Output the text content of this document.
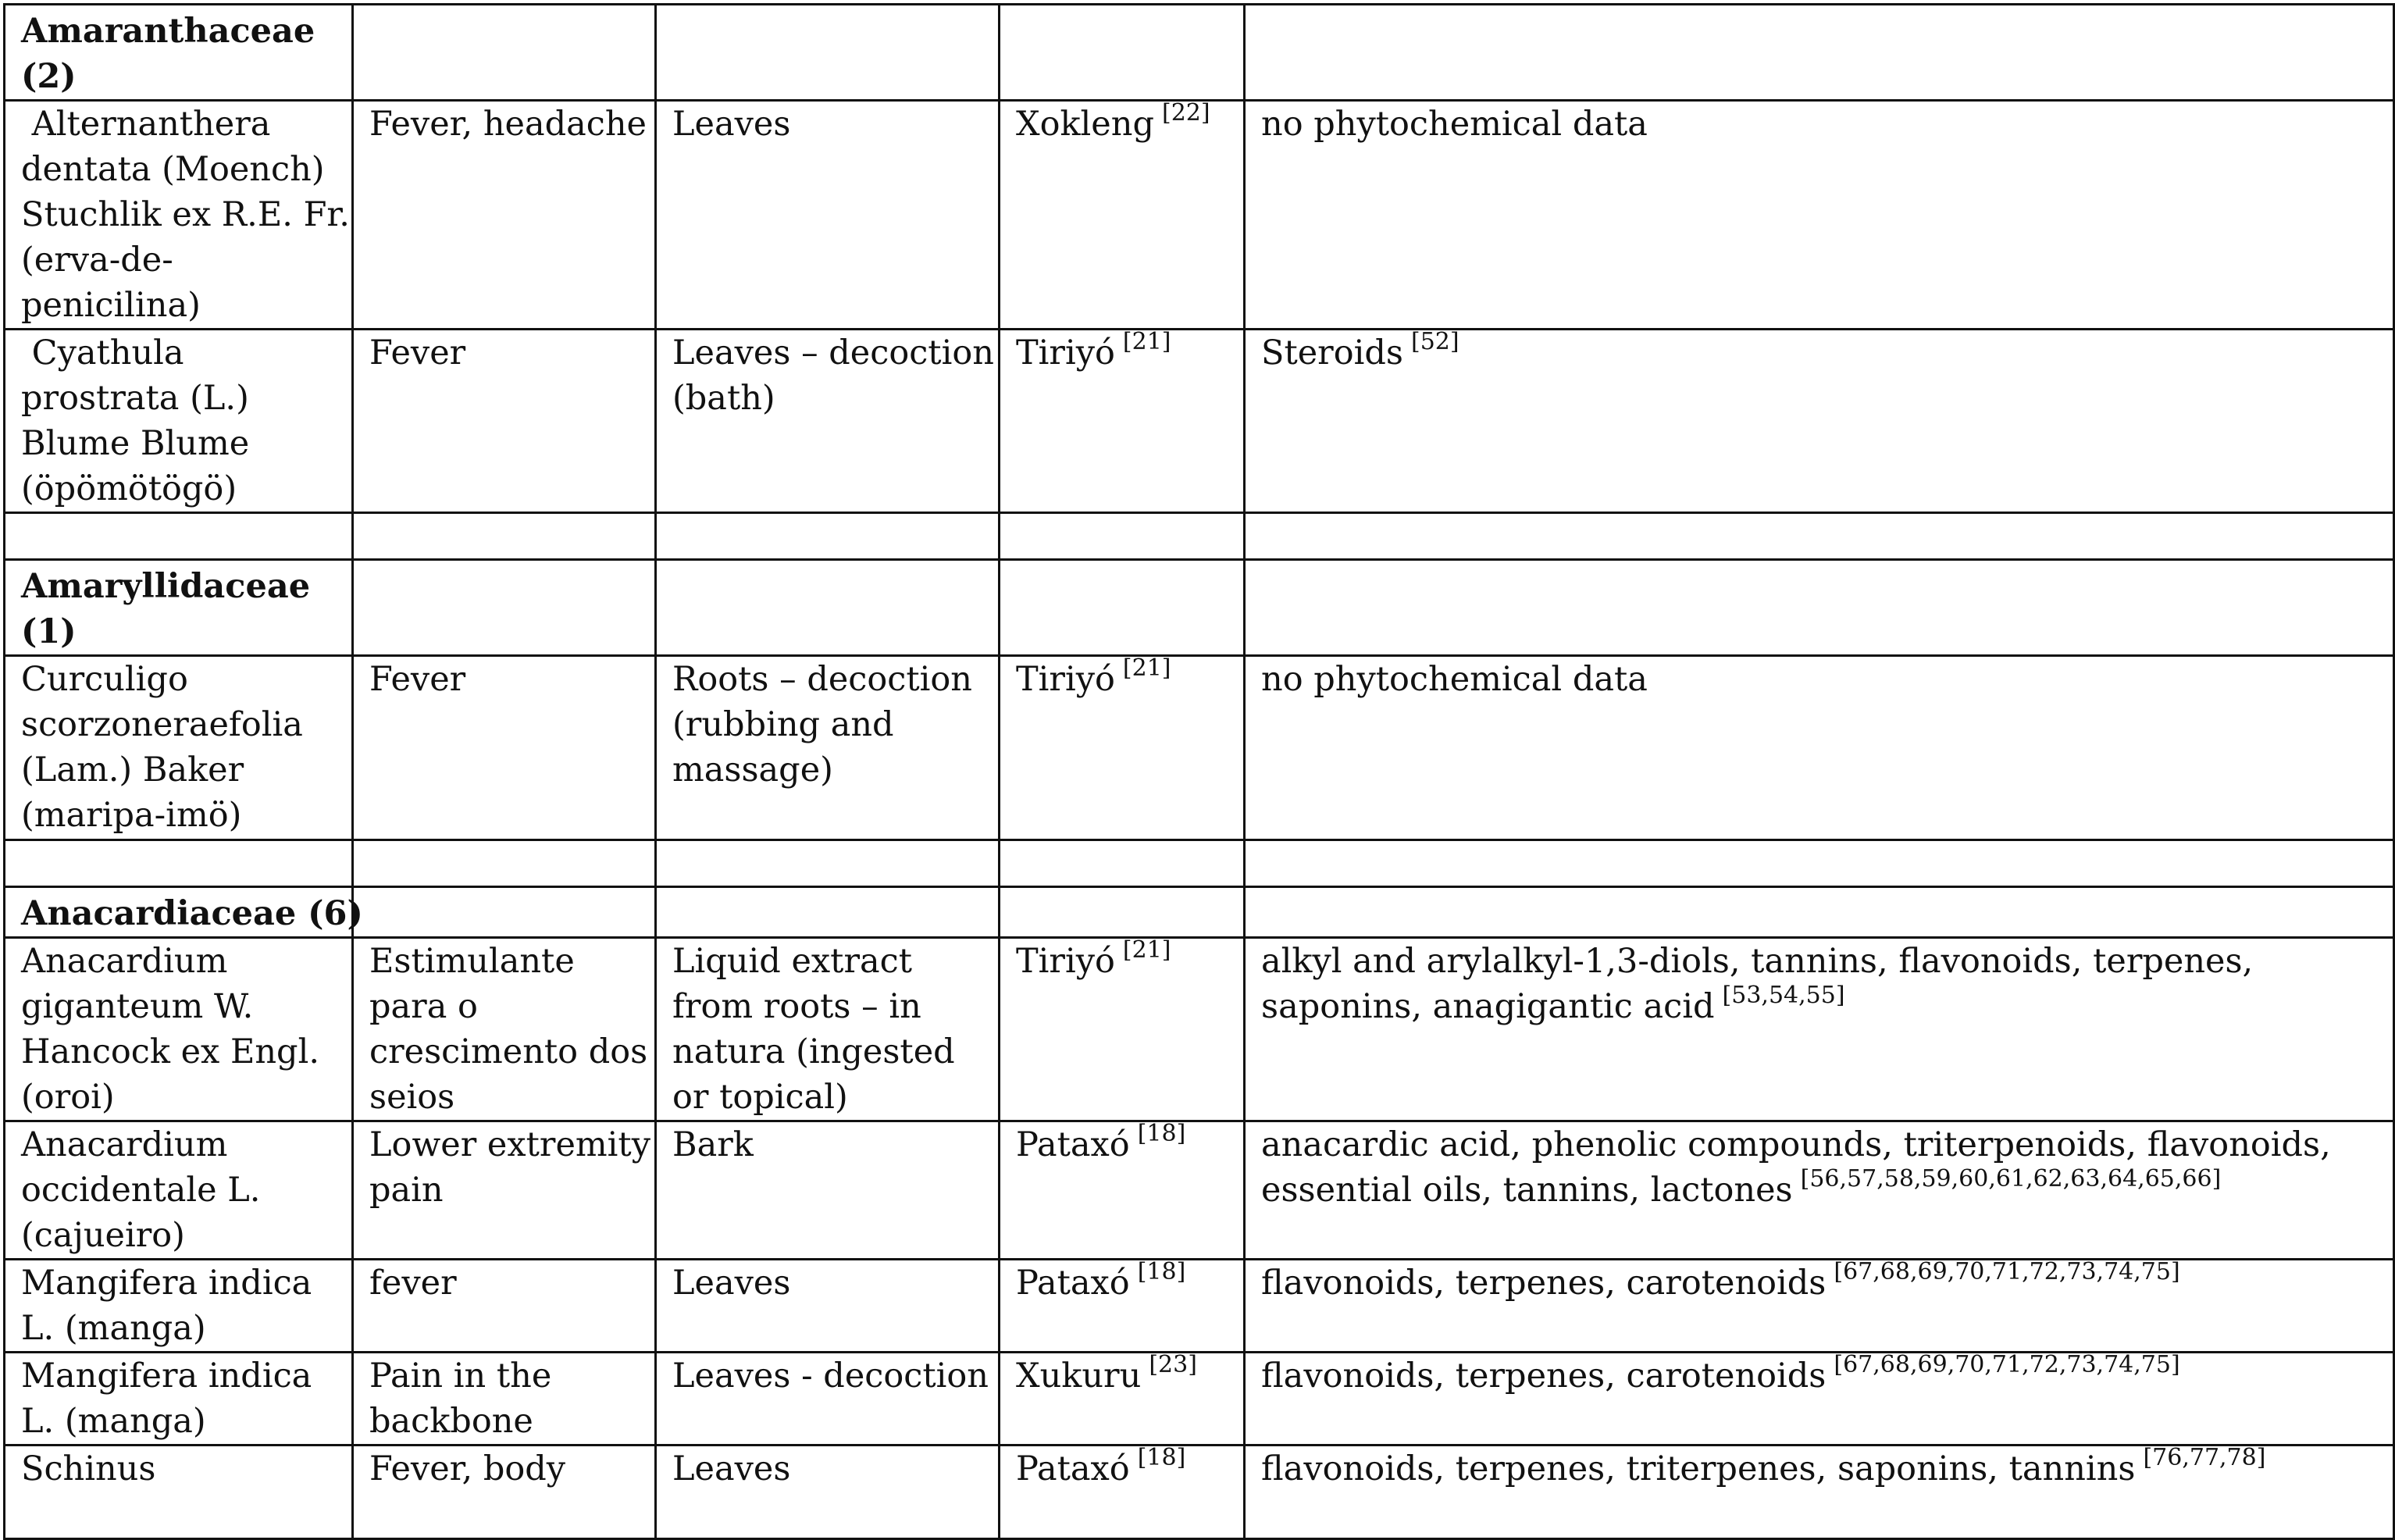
Amaranthaceae (2)				
Alternanthera dentata (Moench) Stuchlik ex R.E. Fr. (erva-de-penicilina)	Fever, headache	Leaves	Xokleng [22]	no phytochemical data
Cyathula prostrata (L.) Blume Blume (öpömötögö)	Fever	Leaves – decoction (bath)	Tiriyó [21]	Steroids [52]

Amaryllidaceae (1)				
Curculigo scorzoneraefolia (Lam.) Baker (maripa-imö)	Fever	Roots – decoction (rubbing and massage)	Tiriyó [21]	no phytochemical data

Anacardiaceae (6)				
Anacardium giganteum W. Hancock ex Engl. (oroi)	Estimulante para o crescimento dos seios	Liquid extract from roots – in natura (ingested or topical)	Tiriyó [21]	alkyl and arylalkyl-1,3-diols, tannins, flavonoids, terpenes, saponins, anagigantic acid [53,54,55]
Anacardium occidentale L. (cajueiro)	Lower extremity pain	Bark	Pataxó [18]	anacardic acid, phenolic compounds, triterpenoids, flavonoids, essential oils, tannins, lactones [56,57,58,59,60,61,62,63,64,65,66]
Mangifera indica L. (manga)	fever	Leaves	Pataxó [18]	flavonoids, terpenes, carotenoids [67,68,69,70,71,72,73,74,75]
Mangifera indica L. (manga)	Pain in the backbone	Leaves - decoction	Xukuru [23]	flavonoids, terpenes, carotenoids [67,68,69,70,71,72,73,74,75]
Schinus	Fever, body	Leaves	Pataxó [18]	flavonoids, terpenes, triterpenes, saponins, tannins [76,77,78]
